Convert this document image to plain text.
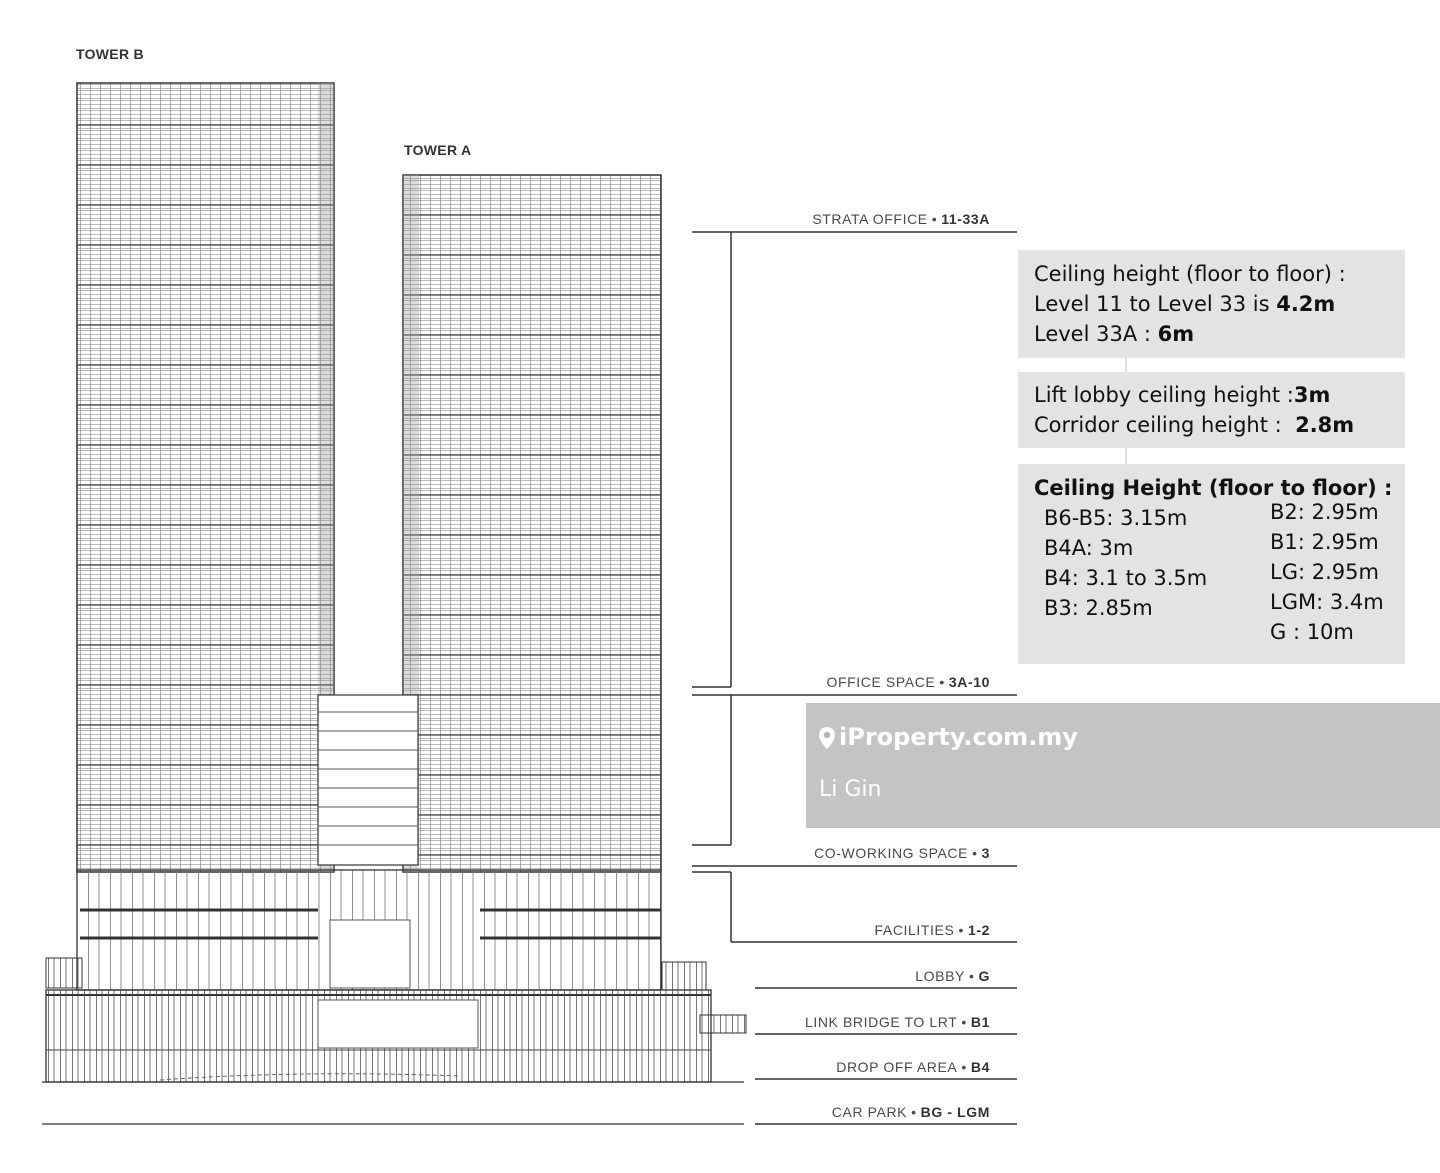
TOWER B
TOWER A
STRATA OFFICE • 11-33A
OFFICE SPACE • 3A-10
CO-WORKING SPACE • 3
FACILITIES • 1-2
LOBBY • G
LINK BRIDGE TO LRT • B1
DROP OFF AREA • B4
CAR PARK • BG - LGM
Ceiling height (floor to floor) :
Level 11 to Level 33 is 4.2m
Level 33A : 6m
Lift lobby ceiling height :3m
Corridor ceiling height :  2.8m
Ceiling Height (floor to floor) :
B6-B5: 3.15m
B4A: 3m
B4: 3.1 to 3.5m
B3: 2.85m
B2: 2.95m
B1: 2.95m
LG: 2.95m
LGM: 3.4m
G : 10m
iProperty.com.my
Li Gin
